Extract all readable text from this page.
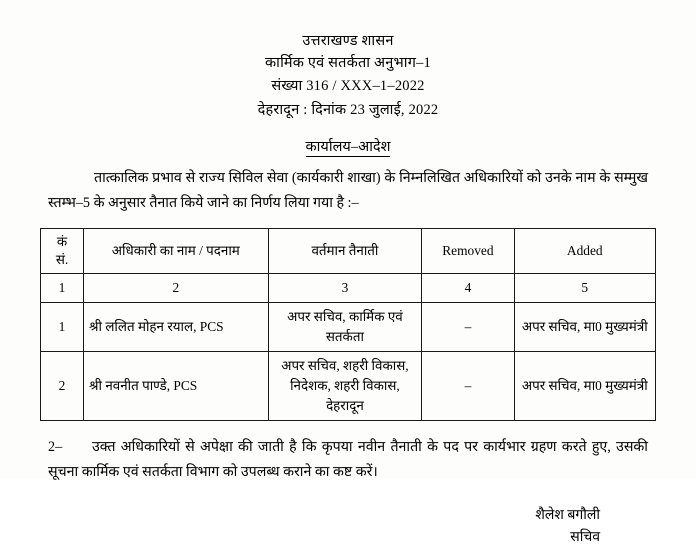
उत्तराखण्ड शासन
कार्मिक एवं सतर्कता अनुभाग–1
संख्या 316 / XXX–1–2022
देहरादून : दिनांक 23 जुलाई, 2022
कार्यालय–आदेश
तात्कालिक प्रभाव से राज्य सिविल सेवा (कार्यकारी शाखा) के निम्नलिखित अधिकारियों को उनके नाम के सम्मुख स्तम्भ–5 के अनुसार तैनात किये जाने का निर्णय लिया गया है :–
कं
सं.	अधिकारी का नाम / पदनाम	वर्तमान तैनाती	Removed	Added
1	2	3	4	5
1	श्री ललित मोहन रयाल, PCS	अपर सचिव, कार्मिक एवं सतर्कता	–	अपर सचिव, मा0 मुख्यमंत्री
2	श्री नवनीत पाण्डे, PCS	अपर सचिव, शहरी विकास, निदेशक, शहरी विकास, देहरादून	–	अपर सचिव, मा0 मुख्यमंत्री
2– उक्त अधिकारियों से अपेक्षा की जाती है कि कृपया नवीन तैनाती के पद पर कार्यभार ग्रहण करते हुए, उसकी सूचना कार्मिक एवं सतर्कता विभाग को उपलब्ध कराने का कष्ट करें।
शैलेश बगौली
सचिव
